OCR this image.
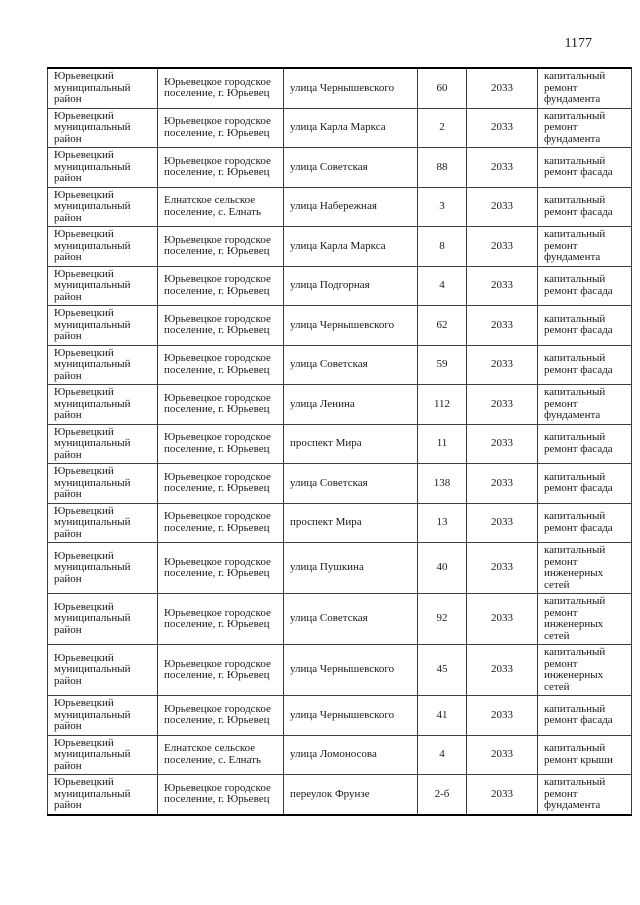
1177
Юрьевецкий муниципальный район	Юрьевецкое городское поселение, г. Юрьевец	улица Чернышевского	60	2033	капитальный ремонт фундамента
Юрьевецкий муниципальный район	Юрьевецкое городское поселение, г. Юрьевец	улица Карла Маркса	2	2033	капитальный ремонт фундамента
Юрьевецкий муниципальный район	Юрьевецкое городское поселение, г. Юрьевец	улица Советская	88	2033	капитальный ремонт фасада
Юрьевецкий муниципальный район	Елнатское сельское поселение, с. Елнать	улица Набережная	3	2033	капитальный ремонт фасада
Юрьевецкий муниципальный район	Юрьевецкое городское поселение, г. Юрьевец	улица Карла Маркса	8	2033	капитальный ремонт фундамента
Юрьевецкий муниципальный район	Юрьевецкое городское поселение, г. Юрьевец	улица Подгорная	4	2033	капитальный ремонт фасада
Юрьевецкий муниципальный район	Юрьевецкое городское поселение, г. Юрьевец	улица Чернышевского	62	2033	капитальный ремонт фасада
Юрьевецкий муниципальный район	Юрьевецкое городское поселение, г. Юрьевец	улица Советская	59	2033	капитальный ремонт фасада
Юрьевецкий муниципальный район	Юрьевецкое городское поселение, г. Юрьевец	улица Ленина	112	2033	капитальный ремонт фундамента
Юрьевецкий муниципальный район	Юрьевецкое городское поселение, г. Юрьевец	проспект Мира	11	2033	капитальный ремонт фасада
Юрьевецкий муниципальный район	Юрьевецкое городское поселение, г. Юрьевец	улица Советская	138	2033	капитальный ремонт фасада
Юрьевецкий муниципальный район	Юрьевецкое городское поселение, г. Юрьевец	проспект Мира	13	2033	капитальный ремонт фасада
Юрьевецкий муниципальный район	Юрьевецкое городское поселение, г. Юрьевец	улица Пушкина	40	2033	капитальный ремонт инженерных сетей
Юрьевецкий муниципальный район	Юрьевецкое городское поселение, г. Юрьевец	улица Советская	92	2033	капитальный ремонт инженерных сетей
Юрьевецкий муниципальный район	Юрьевецкое городское поселение, г. Юрьевец	улица Чернышевского	45	2033	капитальный ремонт инженерных сетей
Юрьевецкий муниципальный район	Юрьевецкое городское поселение, г. Юрьевец	улица Чернышевского	41	2033	капитальный ремонт фасада
Юрьевецкий муниципальный район	Елнатское сельское поселение, с. Елнать	улица Ломоносова	4	2033	капитальный ремонт крыши
Юрьевецкий муниципальный район	Юрьевецкое городское поселение, г. Юрьевец	переулок Фрунзе	2-б	2033	капитальный ремонт фундамента
